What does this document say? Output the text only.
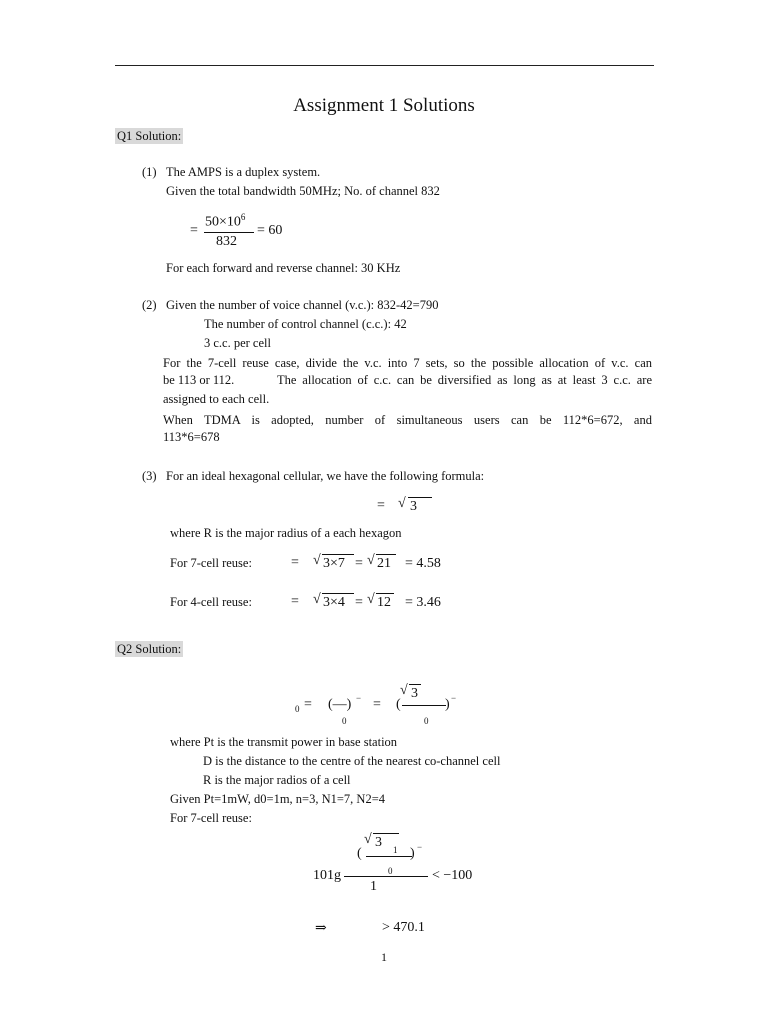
Assignment 1 Solutions
Q1 Solution:
(1) The AMPS is a duplex system.
Given the total bandwidth 50MHz; No. of channel 832
=
$50\times 10^6$
832
= 60
For each forward and reverse channel: 30 KHz
(2) Given the number of voice channel (v.c.): 832-42=790
The number of control channel (c.c.): 42
3 c.c. per cell
For the 7-cell reuse case, divide the v.c. into 7 sets, so the possible allocation of v.c. can
be 113 or 112.	The allocation of c.c. can be diversified as long as at least 3 c.c. are
assigned to each cell.
When TDMA is adopted, number of simultaneous users can be 112*6=672, and
113*6=678
(3) For an ideal hexagonal cellular, we have the following formula:
= √ 3
where R is the major radius of a each hexagon
For 7-cell reuse:	= √ 3×7 = √ 21 = 4.58
For 4-cell reuse:	= √ 3×4 = √ 12 = 3.46
Q2 Solution:
0 = (—) −
0
= (
√ 3
) −
0
where Pt is the transmit power in base station
D is the distance to the centre of the nearest co-channel cell
R is the major radios of a cell
Given Pt=1mW, d0=1m, n=3, N1=7, N2=4
For 7-cell reuse:
(
√ 3 1 ) −
0
101g
1
< −100
⇒	> 470.1
1
